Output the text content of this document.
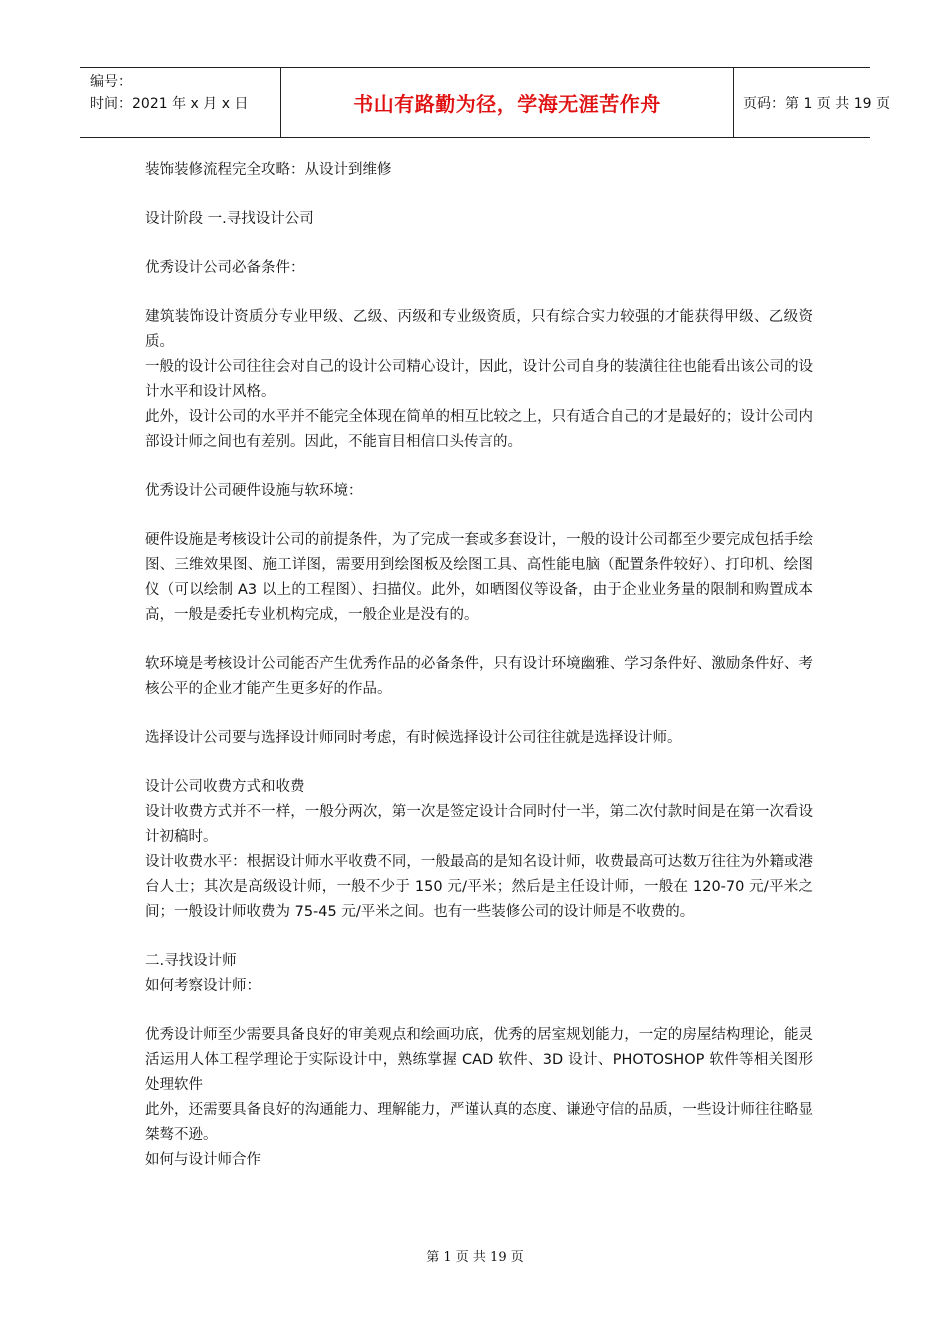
编号：
时间：2021 年 x 月 x 日	书山有路勤为径，学海无涯苦作舟	页码：第 1 页 共 19 页

装饰装修流程完全攻略：从设计到维修

设计阶段 一.寻找设计公司

优秀设计公司必备条件：

建筑装饰设计资质分专业甲级、乙级、丙级和专业级资质，只有综合实力较强的才能获得甲级、乙级资质。

一般的设计公司往往会对自己的设计公司精心设计，因此，设计公司自身的装潢往往也能看出该公司的设计水平和设计风格。

此外，设计公司的水平并不能完全体现在简单的相互比较之上，只有适合自己的才是最好的；设计公司内部设计师之间也有差别。因此，不能盲目相信口头传言的。

优秀设计公司硬件设施与软环境：

硬件设施是考核设计公司的前提条件，为了完成一套或多套设计，一般的设计公司都至少要完成包括手绘图、三维效果图、施工详图，需要用到绘图板及绘图工具、高性能电脑（配置条件较好）、打印机、绘图仪（可以绘制 A3 以上的工程图）、扫描仪。此外，如晒图仪等设备，由于企业业务量的限制和购置成本高，一般是委托专业机构完成，一般企业是没有的。

软环境是考核设计公司能否产生优秀作品的必备条件，只有设计环境幽雅、学习条件好、激励条件好、考核公平的企业才能产生更多好的作品。

选择设计公司要与选择设计师同时考虑，有时候选择设计公司往往就是选择设计师。

设计公司收费方式和收费

设计收费方式并不一样，一般分两次，第一次是签定设计合同时付一半，第二次付款时间是在第一次看设计初稿时。

设计收费水平：根据设计师水平收费不同，一般最高的是知名设计师，收费最高可达数万往往为外籍或港台人士；其次是高级设计师，一般不少于 150 元/平米；然后是主任设计师，一般在 120-70 元/平米之间；一般设计师收费为 75-45 元/平米之间。也有一些装修公司的设计师是不收费的。

二.寻找设计师

如何考察设计师：

优秀设计师至少需要具备良好的审美观点和绘画功底，优秀的居室规划能力，一定的房屋结构理论，能灵活运用人体工程学理论于实际设计中，熟练掌握 CAD 软件、3D 设计、PHOTOSHOP 软件等相关图形处理软件

此外，还需要具备良好的沟通能力、理解能力，严谨认真的态度、谦逊守信的品质，一些设计师往往略显桀骜不逊。

如何与设计师合作

第 1 页 共 19 页
